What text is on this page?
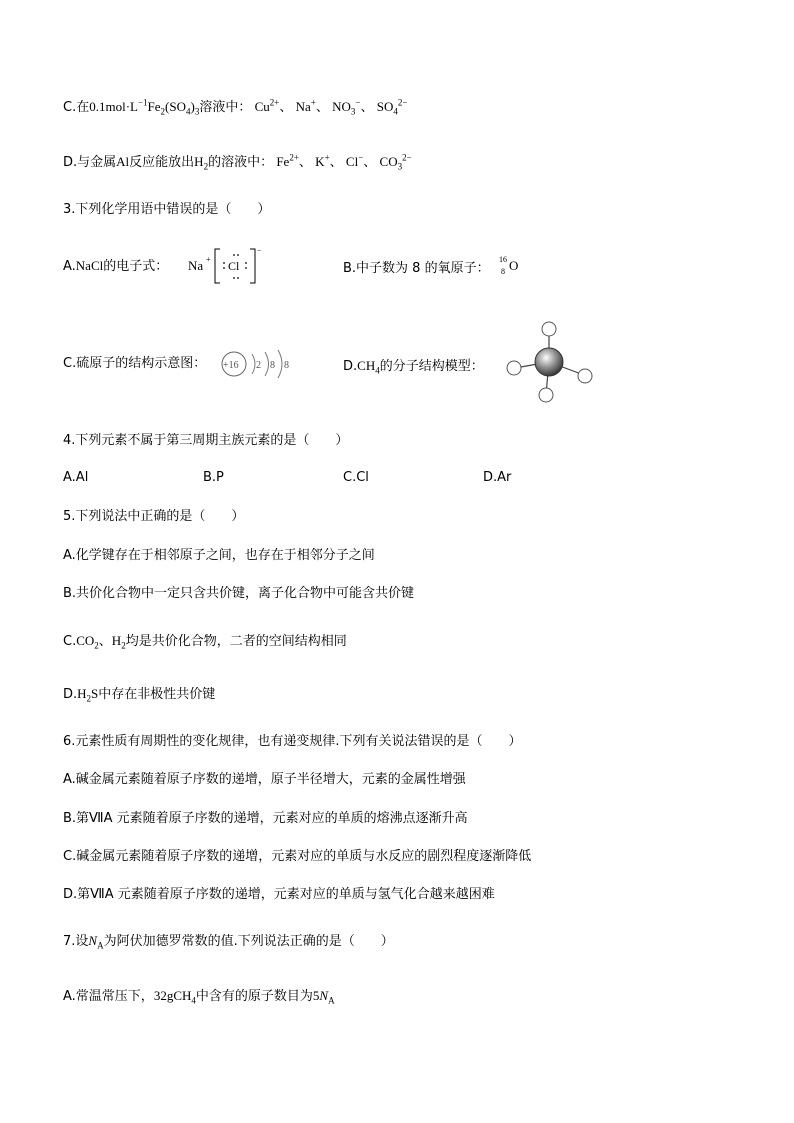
C.在$0.1mol\cdot L^{-1}Fe_2(SO_4)_3$溶液中： $Cu^{2+}$、 Na+、 $NO_3^-$、 $SO_4^{2-}$
D.与金属Al反应能放出$H_2$的溶液中： $Fe^{2+}$、 K+、 Cl−、 $CO_3^{2-}$
3.下列化学用语中错误的是（　　）
A.NaCl的电子式： Na + Cl
−
B.中子数为 8 的氧原子：
16
8 O
C.硫原子的结构示意图： +16 2 8 8	$D.CH_4$的分子结构模型：
4.下列元素不属于第三周期主族元素的是（　　）
A.Al	B.P	C.Cl	D.Ar
5.下列说法中正确的是（　　）
A.化学键存在于相邻原子之间，也存在于相邻分子之间
B.共价化合物中一定只含共价键，离子化合物中可能含共价键
$C.CO_2$、$H_2$均是共价化合物，二者的空间结构相同
$D.H_2S$中存在非极性共价键
6.元素性质有周期性的变化规律，也有递变规律.下列有关说法错误的是（　　）
A.碱金属元素随着原子序数的递增，原子半径增大，元素的金属性增强
B.第ⅦA 元素随着原子序数的递增，元素对应的单质的熔沸点逐渐升高
C.碱金属元素随着原子序数的递增，元素对应的单质与水反应的剧烈程度逐渐降低
D.第ⅦA 元素随着原子序数的递增，元素对应的单质与氢气化合越来越困难
7.设$N_A$为阿伏加德罗常数的值.下列说法正确的是（　　）
A.常温常压下，32gCH$_4$中含有的原子数目为$5N_A$
